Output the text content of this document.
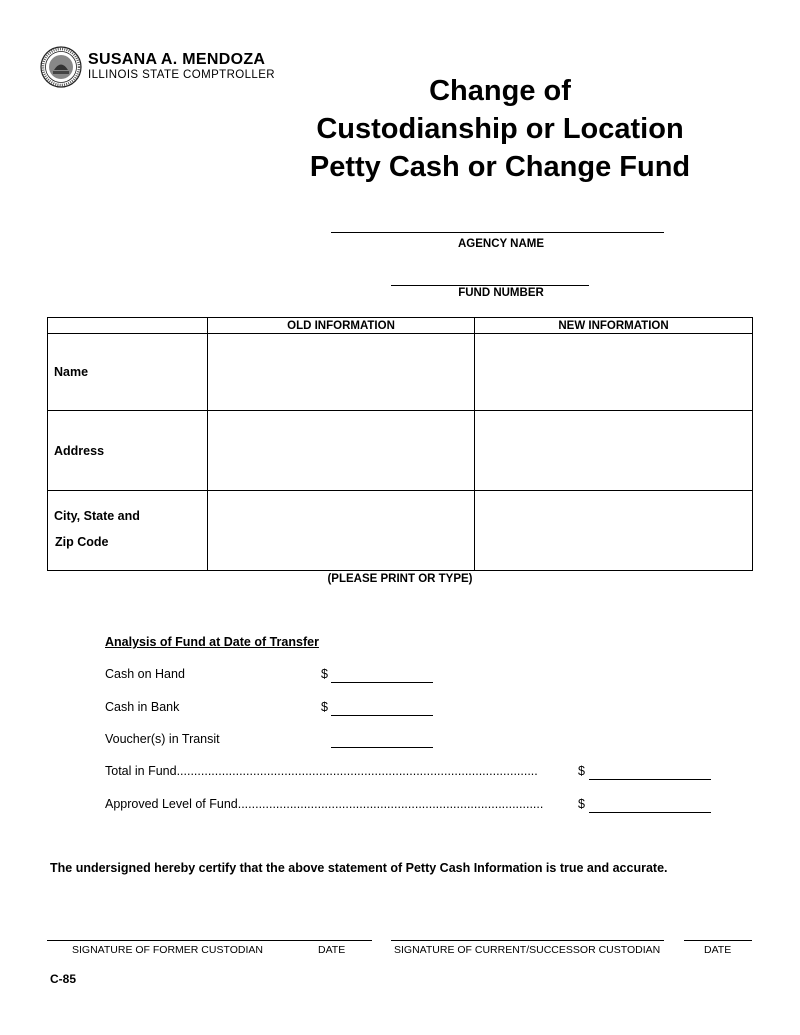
SUSANA A. MENDOZA
ILLINOIS STATE COMPTROLLER	Change of
Custodianship or Location
Petty Cash or Change Fund
AGENCY NAME
FUND NUMBER
	OLD INFORMATION	NEW INFORMATION
Name		
Address		

City, State and
Zip Code		

(PLEASE PRINT OR TYPE)
Analysis of Fund at Date of Transfer
Cash on Hand	$
Cash in Bank	$
Voucher(s) in Transit
Total in Fund........................................................................................................	$
Approved Level of Fund........................................................................................	$
The undersigned hereby certify that the above statement of Petty Cash Information is true and accurate.
SIGNATURE OF FORMER CUSTODIAN	DATE	SIGNATURE OF CURRENT/SUCCESSOR CUSTODIAN	DATE
C-85
